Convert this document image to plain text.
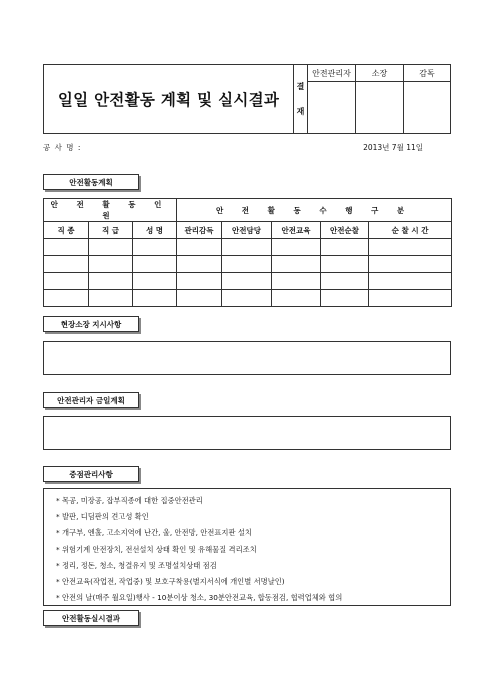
일일 안전활동 계획 및 실시결과
결
재
안전관리자	소장	감독
공 사 명 :	2013년 7월 11일
안전활동계획
안 전 활 동 인 원			안 전 활 동 수 행 구 분				
직 종	직 급	성 명	관리감독	안전담당	안전교육	안전순찰	순 찰 시 간

현장소장 지시사항
안전관리자 금일계획
중점관리사항
* 목공, 미장공, 잡부직종에 대한 집중안전관리
* 발판, 디딤판의 견고성 확인
* 개구부, 엔홀, 고소지역에 난간, 울, 안전망, 안전표지판 설치
* 위험기계 안전장치, 전선설치 상태 확인 및 유해물질 격리조치
* 정리, 정돈, 청소, 청결유지 및 조명설치상태 점검
* 안전교육(작업전, 작업중) 및 보호구착용(별지서식에 개인별 서명날인)
* 안전의 날(매주 월요일)행사 - 10분이상 청소, 30분안전교육, 합동점검, 협력업체와 협의
안전활동실시결과
